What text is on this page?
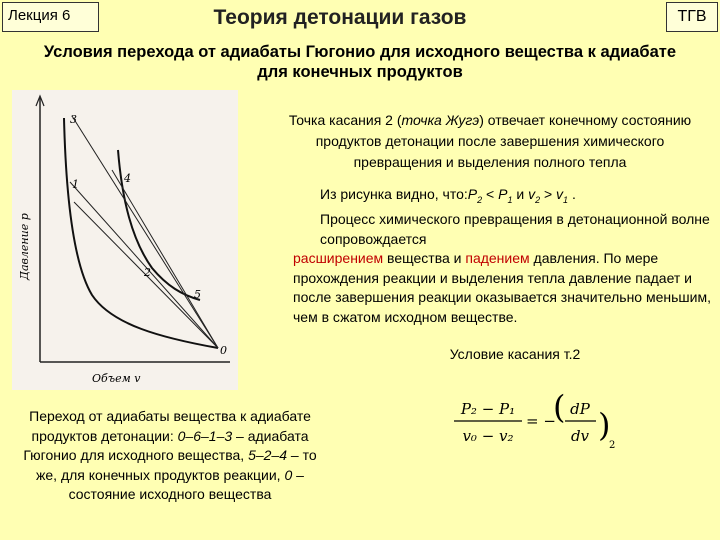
Лекция 6	Теория детонации газов	ТГВ
Условия перехода от адиабаты Гюгонио для исходного вещества к адиабате
для конечных продуктов
3
4
1
2
5
0
Давление p
Объем v
Точка касания 2 (точка Жугэ) отвечает конечному состоянию продуктов детонации после завершения химического превращения и выделения полного тепла
Из рисунка видно, $что:P_2 < P_1$ и $v_2 > v_1$ .
Процесс химического превращения в детонационной волне сопровождаетсярасширением вещества и падением давления. По мере прохождения реакции и выделения тепла давление падает и после завершения реакции оказывается значительно меньшим, чем в сжатом исходном веществе.
Условие касания т.2
P₂ − P₁
v₀ − v₂
= −
( dP
dv )
2
Переход от адиабаты вещества к адиабате продуктов детонации: 0–6–1–3 – адиабата Гюгонио для исходного вещества, 5–2–4 – то же, для конечных продуктов реакции, 0 – состояние исходного вещества
